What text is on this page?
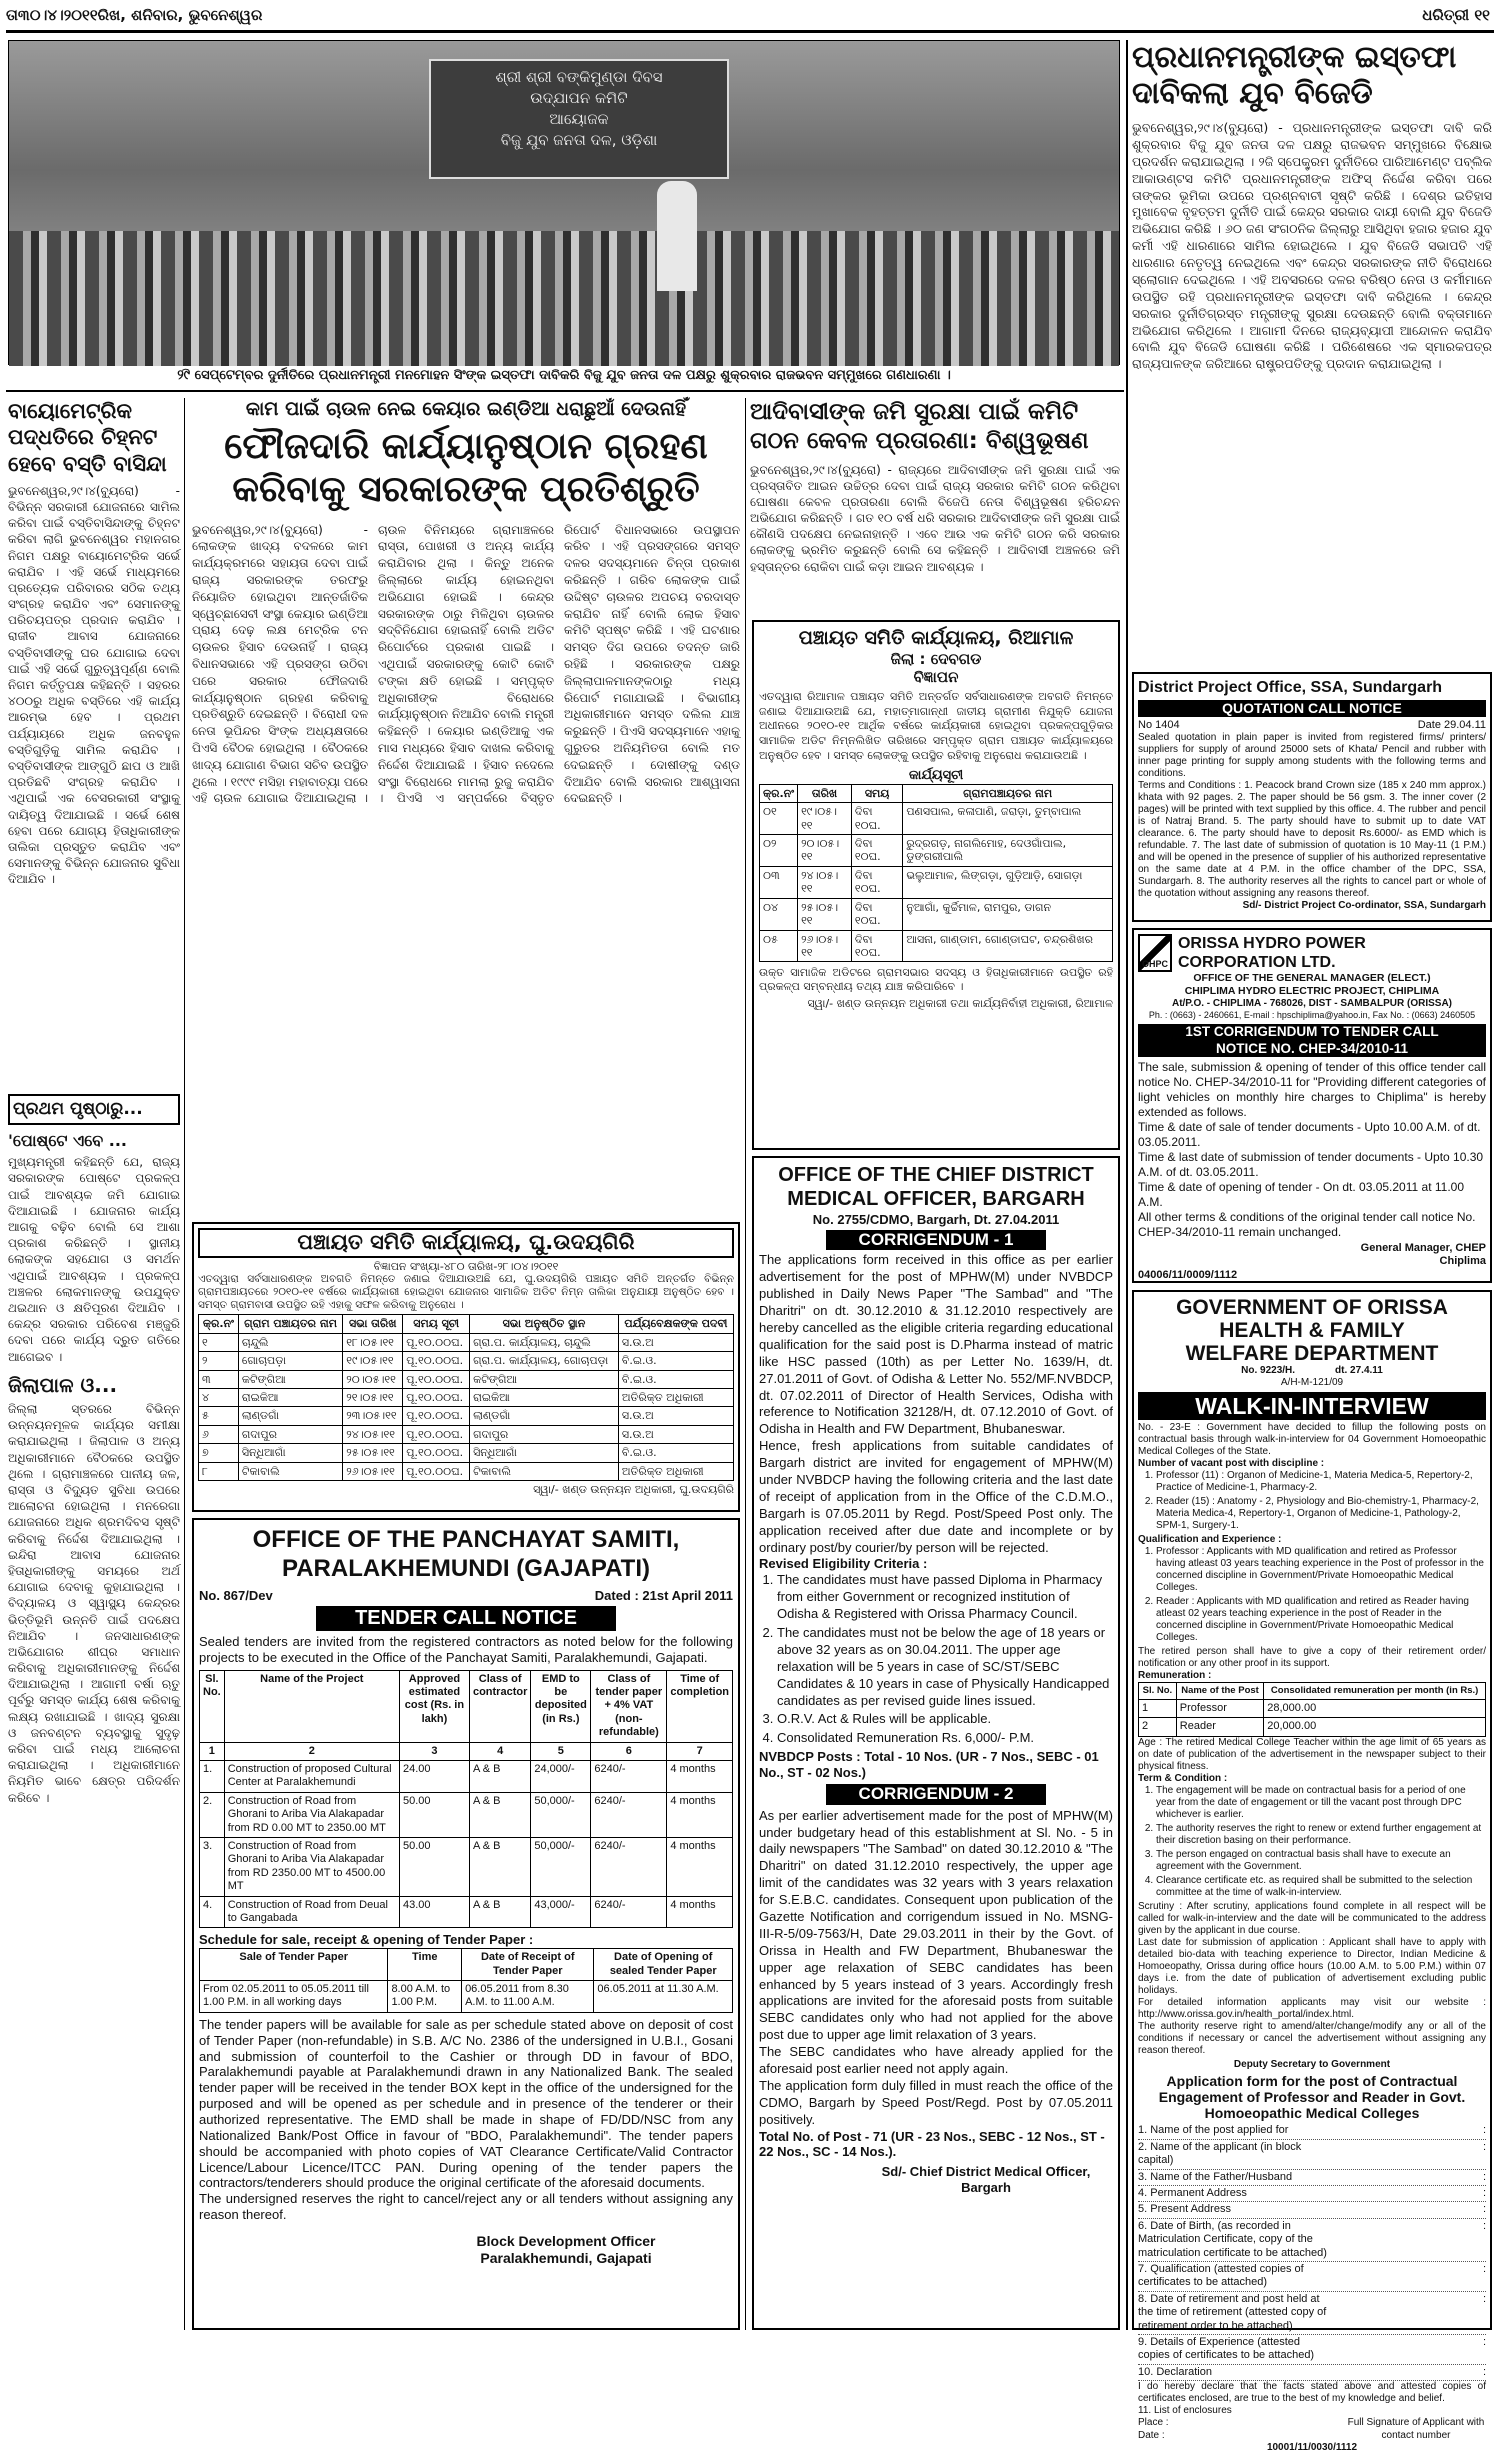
ତା୩୦।୪।୨୦୧୧ରିଖ, ଶନିବାର, ଭୁବନେଶ୍ୱର	ଧରିତ୍ରୀ ୧୧
ଶ୍ରୀ ଶ୍ରୀ ବଙ୍କିମୁଣ୍ଡା ଦିବସ
ଉଦ୍‌ଯାପନ କମିଟି
ଆୟୋଜକ
ବିଜୁ ଯୁବ ଜନତା ଦଳ, ଓଡ଼ିଶା
୨୯ି ସେପ୍ଟେମ୍ବର ଦୁର୍ନୀତିରେ ପ୍ରଧାନମନ୍ତ୍ରୀ ମନମୋହନ ସିଂଙ୍କ ଇସ୍ତଫା ଦାବିକରି ବିଜୁ ଯୁବ ଜନତା ଦଳ ପକ୍ଷରୁ ଶୁକ୍ରବାର ରାଜଭବନ ସମ୍ମୁଖରେ ଗଣଧାରଣା ।
ପ୍ରଧାନମନ୍ତ୍ରୀଙ୍କ ଇସ୍ତଫା ଦାବିକଲା ଯୁବ ବିଜେଡି
ଭୁବନେଶ୍ୱର,୨୯।୪(ବ୍ୟୁରୋ) - ପ୍ରଧାନମନ୍ତ୍ରୀଙ୍କ ଇସ୍ତଫା ଦାବି କରି ଶୁକ୍ରବାର ବିଜୁ ଯୁବ ଜନତା ଦଳ ପକ୍ଷରୁ ରାଜଭବନ ସମ୍ମୁଖରେ ବିକ୍ଷୋଭ ପ୍ରଦର୍ଶନ କରାଯାଇଥିଲା । ୨ଜି ସ୍ପେକ୍ଟ୍ରମ ଦୁର୍ନୀତିରେ ପାରିଆମେଣ୍ଟ ପବ୍ଲିକ ଆକାଉଣ୍ଟସ କମିଟି ପ୍ରଧାନମନ୍ତ୍ରୀଙ୍କ ଅଫିସ୍ ନିର୍ଦ୍ଦେଶ କରିବା ପରେ ତାଙ୍କର ଭୂମିକା ଉପରେ ପ୍ରଶ୍ନବାଚୀ ସୃଷ୍ଟି କରିଛି । ଦେଶ୍ର ଇତିହାସ ମୁଖାବେକ ବୃହତ୍ତମ ଦୁର୍ନୀତି ପାଇଁ କେନ୍ଦ୍ର ସରକାର ଦାୟୀ ବୋଲି ଯୁବ ବିଜେଡି ଅଭିଯୋଗ କରିଛି । ୬୦ ଜଣ ସଂଗଠନିକ ଜିଲ୍ଲାରୁ ଆସିଥିବା ହଜାର ହଜାର ଯୁବ କର୍ମୀ ଏହି ଧାରଣାରେ ସାମିଲ ହୋଇଥିଲେ । ଯୁବ ବିଜେଡି ସଭାପତି ଏହି ଧାରଣାର ନେତୃତ୍ୱ ନେଇଥିଲେ ଏବଂ କେନ୍ଦ୍ର ସରକାରଙ୍କ ନୀତି ବିରୋଧରେ ସ୍ଲୋଗାନ ଦେଇଥିଲେ । ଏହି ଅବସରରେ ଦଳର ବରିଷ୍ଠ ନେତା ଓ କର୍ମୀମାନେ ଉପସ୍ଥିତ ରହି ପ୍ରଧାନମନ୍ତ୍ରୀଙ୍କ ଇସ୍ତଫା ଦାବି କରିଥିଲେ । କେନ୍ଦ୍ର ସରକାର ଦୁର୍ନୀତିଗ୍ରସ୍ତ ମନ୍ତ୍ରୀଙ୍କୁ ସୁରକ୍ଷା ଦେଉଛନ୍ତି ବୋଲି ବକ୍ତାମାନେ ଅଭିଯୋଗ କରିଥିଲେ । ଆଗାମୀ ଦିନରେ ରାଜ୍ୟବ୍ୟାପୀ ଆନ୍ଦୋଳନ କରାଯିବ ବୋଲି ଯୁବ ବିଜେଡି ଘୋଷଣା କରିଛି । ପରିଶେଷରେ ଏକ ସ୍ମାରକପତ୍ର ରାଜ୍ୟପାଳଙ୍କ ଜରିଆରେ ରାଷ୍ଟ୍ରପତିଙ୍କୁ ପ୍ରଦାନ କରାଯାଇଥିଲା ।
ବାୟୋମେଟ୍ରିକ ପଦ୍ଧତିରେ ଚିହ୍ନଟ ହେବେ ବସ୍ତି ବାସିନ୍ଦା
ଭୁବନେଶ୍ୱର,୨୯।୪(ବ୍ୟୁରୋ) - ବିଭିନ୍ନ ସରକାରୀ ଯୋଜନାରେ ସାମିଲ କରିବା ପାଇଁ ବସ୍ତିବାସିନ୍ଦାଙ୍କୁ ଚିହ୍ନଟ କରିବା ଲାଗି ଭୁବନେଶ୍ୱର ମହାନଗର ନିଗମ ପକ୍ଷରୁ ବାୟୋମେଟ୍ରିକ ସର୍ଭେ କରାଯିବ । ଏହି ସର୍ଭେ ମାଧ୍ୟମରେ ପ୍ରତ୍ୟେକ ପରିବାରର ସଠିକ ତଥ୍ୟ ସଂଗ୍ରହ କରାଯିବ ଏବଂ ସେମାନଙ୍କୁ ପରିଚୟପତ୍ର ପ୍ରଦାନ କରାଯିବ । ରାଜୀବ ଆବାସ ଯୋଜନାରେ ବସ୍ତିବାସୀଙ୍କୁ ଘର ଯୋଗାଇ ଦେବା ପାଇଁ ଏହି ସର୍ଭେ ଗୁରୁତ୍ୱପୂର୍ଣ୍ଣ ବୋଲି ନିଗମ କର୍ତ୍ତୃପକ୍ଷ କହିଛନ୍ତି । ସହରର ୪୦୦ରୁ ଅଧିକ ବସ୍ତିରେ ଏହି କାର୍ଯ୍ୟ ଆରମ୍ଭ ହେବ । ପ୍ରଥମ ପର୍ଯ୍ୟାୟରେ ଅଧିକ ଜନବହୁଳ ବସ୍ତିଗୁଡ଼ିକୁ ସାମିଲ କରାଯିବ । ବସ୍ତିବାସୀଙ୍କ ଆଙ୍ଗୁଠି ଛାପ ଓ ଆଖି ପ୍ରତିଛବି ସଂଗ୍ରହ କରାଯିବ । ଏଥିପାଇଁ ଏକ ବେସରକାରୀ ସଂସ୍ଥାକୁ ଦାୟିତ୍ୱ ଦିଆଯାଇଛି । ସର୍ଭେ ଶେଷ ହେବା ପରେ ଯୋଗ୍ୟ ହିତାଧିକାରୀଙ୍କ ତାଲିକା ପ୍ରସ୍ତୁତ କରାଯିବ ଏବଂ ସେମାନଙ୍କୁ ବିଭିନ୍ନ ଯୋଜନାର ସୁବିଧା ଦିଆଯିବ ।
ପ୍ରଥମ ପୃଷ୍ଠାରୁ...
'ପୋଷ୍ଟେ ଏବେ ...
ମୁଖ୍ୟମନ୍ତ୍ରୀ କହିଛନ୍ତି ଯେ, ରାଜ୍ୟ ସରକାରଙ୍କ ପୋଷ୍ଟେ ପ୍ରକଳ୍ପ ପାଇଁ ଆବଶ୍ୟକ ଜମି ଯୋଗାଇ ଦିଆଯାଇଛି । ଯୋଜନାର କାର୍ଯ୍ୟ ଆଗକୁ ବଢ଼ିବ ବୋଲି ସେ ଆଶା ପ୍ରକାଶ କରିଛନ୍ତି । ସ୍ଥାନୀୟ ଲୋକଙ୍କ ସହଯୋଗ ଓ ସମର୍ଥନ ଏଥିପାଇଁ ଆବଶ୍ୟକ । ପ୍ରକଳ୍ପ ଅଞ୍ଚଳର ଲୋକମାନଙ୍କୁ ଉପଯୁକ୍ତ ଥଇଥାନ ଓ କ୍ଷତିପୂରଣ ଦିଆଯିବ । କେନ୍ଦ୍ର ସରକାର ପରିବେଶ ମଞ୍ଜୁରି ଦେବା ପରେ କାର୍ଯ୍ୟ ଦ୍ରୁତ ଗତିରେ ଆଗେଇବ ।
ଜିଲାପାଳ ଓ...
ଜିଲ୍ଲା ସ୍ତରରେ ବିଭିନ୍ନ ଉନ୍ନୟନମୂଳକ କାର୍ଯ୍ୟର ସମୀକ୍ଷା କରାଯାଇଥିଲା । ଜିଲାପାଳ ଓ ଅନ୍ୟ ଅଧିକାରୀମାନେ ବୈଠକରେ ଉପସ୍ଥିତ ଥିଲେ । ଗ୍ରାମାଞ୍ଚଳରେ ପାନୀୟ ଜଳ, ରାସ୍ତା ଓ ବିଦ୍ୟୁତ ସୁବିଧା ଉପରେ ଆଲୋଚନା ହୋଇଥିଲା । ମନରେଗା ଯୋଜନାରେ ଅଧିକ ଶ୍ରମଦିବସ ସୃଷ୍ଟି କରିବାକୁ ନିର୍ଦ୍ଦେଶ ଦିଆଯାଇଥିଲା । ଇନ୍ଦିରା ଆବାସ ଯୋଜନାର ହିତାଧିକାରୀଙ୍କୁ ସମୟରେ ଅର୍ଥ ଯୋଗାଇ ଦେବାକୁ କୁହାଯାଇଥିଲା । ବିଦ୍ୟାଳୟ ଓ ସ୍ୱାସ୍ଥ୍ୟ କେନ୍ଦ୍ରର ଭିତ୍ତିଭୂମି ଉନ୍ନତି ପାଇଁ ପଦକ୍ଷେପ ନିଆଯିବ । ଜନସାଧାରଣଙ୍କ ଅଭିଯୋଗର ଶୀଘ୍ର ସମାଧାନ କରିବାକୁ ଅଧିକାରୀମାନଙ୍କୁ ନିର୍ଦ୍ଦେଶ ଦିଆଯାଇଥିଲା । ଆଗାମୀ ବର୍ଷା ଋତୁ ପୂର୍ବରୁ ସମସ୍ତ କାର୍ଯ୍ୟ ଶେଷ କରିବାକୁ ଲକ୍ଷ୍ୟ ରଖାଯାଇଛି । ଖାଦ୍ୟ ସୁରକ୍ଷା ଓ ଜନବଣ୍ଟନ ବ୍ୟବସ୍ଥାକୁ ସୁଦୃଢ଼ କରିବା ପାଇଁ ମଧ୍ୟ ଆଲୋଚନା କରାଯାଇଥିଲା । ଅଧିକାରୀମାନେ ନିୟମିତ ଭାବେ କ୍ଷେତ୍ର ପରିଦର୍ଶନ କରିବେ ।
କାମ ପାଇଁ ଚାଉଳ ନେଇ କେୟାର ଇଣ୍ଡିଆ ଧରାଛୁଆଁ ଦେଉନାହିଁ
ଫୌଜଦାରି କାର୍ଯ୍ୟାନୁଷ୍ଠାନ ଗ୍ରହଣ କରିବାକୁ ସରକାରଙ୍କ ପ୍ରତିଶ୍ରୁତି
ଭୁବନେଶ୍ୱର,୨୯।୪(ବ୍ୟୁରୋ) - ଲୋକଙ୍କ ଖାଦ୍ୟ ବଦଳରେ କାମ କାର୍ଯ୍ୟକ୍ରମରେ ସହାୟତା ଦେବା ପାଇଁ ରାଜ୍ୟ ସରକାରଙ୍କ ତରଫରୁ ନିୟୋଜିତ ହୋଇଥିବା ଆନ୍ତର୍ଜାତିକ ସ୍ୱେଚ୍ଛାସେବୀ ସଂସ୍ଥା କେୟାର ଇଣ୍ଡିଆ ପ୍ରାୟ ଦେଢ଼ ଲକ୍ଷ ମେଟ୍ରିକ ଟନ ଚାଉଳର ହିସାବ ଦେଉନାହିଁ । ରାଜ୍ୟ ବିଧାନସଭାରେ ଏହି ପ୍ରସଙ୍ଗ ଉଠିବା ପରେ ସରକାର ଫୌଜଦାରି କାର୍ଯ୍ୟାନୁଷ୍ଠାନ ଗ୍ରହଣ କରିବାକୁ ପ୍ରତିଶ୍ରୁତି ଦେଇଛନ୍ତି । ବିରୋଧୀ ଦଳ ନେତା ଭୂପିନ୍ଦର ସିଂଙ୍କ ଅଧ୍ୟକ୍ଷତାରେ ପିଏସି ବୈଠକ ହୋଇଥିଲା । ବୈଠକରେ ଖାଦ୍ୟ ଯୋଗାଣ ବିଭାଗ ସଚିବ ଉପସ୍ଥିତ ଥିଲେ । ୧୯୯୯ ମସିହା ମହାବାତ୍ୟା ପରେ ଏହି ଚାଉଳ ଯୋଗାଇ ଦିଆଯାଇଥିଲା । ଚାଉଳ ବିନିମୟରେ ଗ୍ରାମାଞ୍ଚଳରେ ରାସ୍ତା, ପୋଖରୀ ଓ ଅନ୍ୟ କାର୍ଯ୍ୟ କରାଯିବାର ଥିଲା । କିନ୍ତୁ ଅନେକ ଜିଲ୍ଲାରେ କାର୍ଯ୍ୟ ହୋଇନଥିବା ଅଭିଯୋଗ ହୋଇଛି । କେନ୍ଦ୍ର ସରକାରଙ୍କ ଠାରୁ ମିଳିଥିବା ଚାଉଳର ସଦ୍‌ବିନିଯୋଗ ହୋଇନାହିଁ ବୋଲି ଅଡିଟ ରିପୋର୍ଟରେ ପ୍ରକାଶ ପାଇଛି । ଏଥିପାଇଁ ସରକାରଙ୍କୁ କୋଟି କୋଟି ଟଙ୍କା କ୍ଷତି ହୋଇଛି । ସମ୍ପୃକ୍ତ ଅଧିକାରୀଙ୍କ ବିରୋଧରେ କାର୍ଯ୍ୟାନୁଷ୍ଠାନ ନିଆଯିବ ବୋଲି ମନ୍ତ୍ରୀ କହିଛନ୍ତି । କେୟାର ଇଣ୍ଡିଆକୁ ଏକ ମାସ ମଧ୍ୟରେ ହିସାବ ଦାଖଲ କରିବାକୁ ନିର୍ଦ୍ଦେଶ ଦିଆଯାଇଛି । ହିସାବ ନଦେଲେ ସଂସ୍ଥା ବିରୋଧରେ ମାମଲା ରୁଜୁ କରାଯିବ । ପିଏସି ଏ ସମ୍ପର୍କରେ ବିସ୍ତୃତ ରିପୋର୍ଟ ବିଧାନସଭାରେ ଉପସ୍ଥାପନ କରିବ । ଏହି ପ୍ରସଙ୍ଗରେ ସମସ୍ତ ଦଳର ସଦସ୍ୟମାନେ ଚିନ୍ତା ପ୍ରକାଶ କରିଛନ୍ତି । ଗରିବ ଲୋକଙ୍କ ପାଇଁ ଉଦ୍ଦିଷ୍ଟ ଚାଉଳର ଅପଚୟ ବରଦାସ୍ତ କରାଯିବ ନାହିଁ ବୋଲି ଲୋକ ହିସାବ କମିଟି ସ୍ପଷ୍ଟ କରିଛି । ଏହି ଘଟଣାର ସମସ୍ତ ଦିଗ ଉପରେ ତଦନ୍ତ ଜାରି ରହିଛି । ସରକାରଙ୍କ ପକ୍ଷରୁ ଜିଲ୍ଲାପାଳମାନଙ୍କଠାରୁ ମଧ୍ୟ ରିପୋର୍ଟ ମଗାଯାଇଛି । ବିଭାଗୀୟ ଅଧିକାରୀମାନେ ସମସ୍ତ ଦଲିଲ ଯାଞ୍ଚ କରୁଛନ୍ତି । ପିଏସି ସଦସ୍ୟମାନେ ଏହାକୁ ଗୁରୁତର ଅନିୟମିତତା ବୋଲି ମତ ଦେଇଛନ୍ତି । ଦୋଷୀଙ୍କୁ ଦଣ୍ଡ ଦିଆଯିବ ବୋଲି ସରକାର ଆଶ୍ୱାସନା ଦେଇଛନ୍ତି ।
ପଞ୍ଚାୟତ ସମିତି କାର୍ଯ୍ୟାଳୟ, ଘୁ.ଉଦୟଗିରି
ବିଜ୍ଞାପନ ସଂଖ୍ୟା-୪୮୦ ତାରିଖ-୨୮।୦୪।୨୦୧୧
ଏତଦ୍ୱାରା ସର୍ବସାଧାରଣଙ୍କ ଅବଗତି ନିମନ୍ତେ ଜଣାଇ ଦିଆଯାଉଅଛି ଯେ, ଘୁ.ଉଦୟଗିରି ପଞ୍ଚାୟତ ସମିତି ଅନ୍ତର୍ଗତ ବିଭିନ୍ନ ଗ୍ରାମପଞ୍ଚାୟତରେ ୨୦୧୦-୧୧ ବର୍ଷରେ କାର୍ଯ୍ୟକାରୀ ହୋଇଥିବା ଯୋଜନାର ସାମାଜିକ ଅଡିଟ ନିମ୍ନ ତାଲିକା ଅନୁଯାୟୀ ଅନୁଷ୍ଠିତ ହେବ । ସମସ୍ତ ଗ୍ରାମବାସୀ ଉପସ୍ଥିତ ରହି ଏହାକୁ ସଫଳ କରିବାକୁ ଅନୁରୋଧ ।
କ୍ର.ନଂ	ଗ୍ରାମ ପଞ୍ଚାୟତର ନାମ	ସଭା ତାରିଖ	ସମୟ ସୂଚୀ	ସଭା ଅନୁଷ୍ଠିତ ସ୍ଥାନ	ପର୍ଯ୍ୟବେକ୍ଷକଙ୍କ ପଦବୀ
୧	ଚାନ୍ଦୁଲି	୧୮।୦୫।୧୧	ପୂ.୧୦.୦୦ଘ.	ଗ୍ରା.ପ. କାର୍ଯ୍ୟାଳୟ, ଚାନ୍ଦୁଲି	ସ.ଉ.ଅ
୨	ଗୋଚାପଡ଼ା	୧୯।୦୫।୧୧	ପୂ.୧୦.୦୦ଘ.	ଗ୍ରା.ପ. କାର୍ଯ୍ୟାଳୟ, ଗୋଚାପଡ଼ା	ବି.ଇ.ଓ.
୩	କଟିଙ୍ଗିଆ	୨୦।୦୫।୧୧	ପୂ.୧୦.୦୦ଘ.	କଟିଙ୍ଗିଆ	ବି.ଇ.ଓ.
୪	ରାଇକିଆ	୨୧।୦୫।୧୧	ପୂ.୧୦.୦୦ଘ.	ରାଇକିଆ	ଅତିରିକ୍ତ ଅଧିକାରୀ
୫	ଲାଣ୍ଡଗାଁ	୨୩।୦୫।୧୧	ପୂ.୧୦.୦୦ଘ.	ଲାଣ୍ଡଗାଁ	ସ.ଉ.ଅ
୬	ଗଦାପୁର	୨୪।୦୫।୧୧	ପୂ.୧୦.୦୦ଘ.	ଗଦାପୁର	ସ.ଉ.ଅ
୭	ସିନ୍ଧିଆଗାଁ	୨୫।୦୫।୧୧	ପୂ.୧୦.୦୦ଘ.	ସିନ୍ଧିଆଗାଁ	ବି.ଇ.ଓ.
୮	ଟିକାବାଲି	୨୬।୦୫।୧୧	ପୂ.୧୦.୦୦ଘ.	ଟିକାବାଲି	ଅତିରିକ୍ତ ଅଧିକାରୀ
ସ୍ୱା/- ଖଣ୍ଡ ଉନ୍ନୟନ ଅଧିକାରୀ, ଘୁ.ଉଦୟଗିରି
OFFICE OF THE PANCHAYAT SAMITI,
PARALAKHEMUNDI (GAJAPATI)
No. 867/Dev	Dated : 21st April 2011
TENDER CALL NOTICE
Sealed tenders are invited from the registered contractors as noted below for the following projects to be executed in the Office of the Panchayat Samiti, Paralakhemundi, Gajapati.
Sl. No.	Name of the Project	Approved estimated cost (Rs. in lakh)	Class of contractor	EMD to be deposited (in Rs.)	Class of tender paper + 4% VAT (non-refundable)	Time of completion
1	2	3	4	5	6	7
1.	Construction of proposed Cultural Center at Paralakhemundi	24.00	A & B	24,000/-	6240/-	4 months
2.	Construction of Road from Ghorani to Ariba Via Alakapadar from RD 0.00 MT to 2350.00 MT	50.00	A & B	50,000/-	6240/-	4 months
3.	Construction of Road from Ghorani to Ariba Via Alakapadar from RD 2350.00 MT to 4500.00 MT	50.00	A & B	50,000/-	6240/-	4 months
4.	Construction of Road from Deual to Gangabada	43.00	A & B	43,000/-	6240/-	4 months
Schedule for sale, receipt & opening of Tender Paper :
Sale of Tender Paper	Time	Date of Receipt of Tender Paper	Date of Opening of sealed Tender Paper
From 02.05.2011 to 05.05.2011 till 1.00 P.M. in all working days	8.00 A.M. to 1.00 P.M.	06.05.2011 from 8.30 A.M. to 11.00 A.M.	06.05.2011 at 11.30 A.M.
The tender papers will be available for sale as per schedule stated above on deposit of cost of Tender Paper (non-refundable) in S.B. A/C No. 2386 of the undersigned in U.B.I., Gosani and submission of counterfoil to the Cashier or through DD in favour of BDO, Paralakhemundi payable at Paralakhemundi drawn in any Nationalized Bank. The sealed tender paper will be received in the tender BOX kept in the office of the undersigned for the purposed and will be opened as per schedule and in presence of the tenderer or their authorized representative. The EMD shall be made in shape of FD/DD/NSC from any Nationalized Bank/Post Office in favour of "BDO, Paralakhemundi". The tender papers should be accompanied with photo copies of VAT Clearance Certificate/Valid Contractor Licence/Labour Licence/ITCC PAN. During opening of the tender papers the contractors/tenderers should produce the original certificate of the aforesaid documents.
The undersigned reserves the right to cancel/reject any or all tenders without assigning any reason thereof.
Block Development Officer
Paralakhemundi, Gajapati
ଆଦିବାସୀଙ୍କ ଜମି ସୁରକ୍ଷା ପାଇଁ କମିଟି ଗଠନ କେବଳ ପ୍ରତାରଣା: ବିଶ୍ୱଭୂଷଣ
ଭୁବନେଶ୍ୱର,୨୯।୪(ବ୍ୟୁରୋ) - ରାଜ୍ୟରେ ଆଦିବାସୀଙ୍କ ଜମି ସୁରକ୍ଷା ପାଇଁ ଏକ ପ୍ରସ୍ତାବିତ ଆଇନ ଉଚ୍ଚିତ୍ର ଦେବା ପାଇଁ ରାଜ୍ୟ ସରକାର କମିଟି ଗଠନ କରିଥିବା ଘୋଷଣା କେବଳ ପ୍ରତାରଣା ବୋଲି ବିଜେପି ନେତା ବିଶ୍ୱଭୂଷଣ ହରିଚନ୍ଦନ ଅଭିଯୋଗ କରିଛନ୍ତି । ଗତ ୧୦ ବର୍ଷ ଧରି ସରକାର ଆଦିବାସୀଙ୍କ ଜମି ସୁରକ୍ଷା ପାଇଁ କୌଣସି ପଦକ୍ଷେପ ନେଇନାହାନ୍ତି । ଏବେ ଆଉ ଏକ କମିଟି ଗଠନ କରି ସରକାର ଲୋକଙ୍କୁ ଭ୍ରମିତ କରୁଛନ୍ତି ବୋଲି ସେ କହିଛନ୍ତି । ଆଦିବାସୀ ଅଞ୍ଚଳରେ ଜମି ହସ୍ତାନ୍ତର ରୋକିବା ପାଇଁ କଡ଼ା ଆଇନ ଆବଶ୍ୟକ ।
ପଞ୍ଚାୟତ ସମିତି କାର୍ଯ୍ୟାଳୟ, ରିଆମାଳ
ଜିଲା : ଦେବଗଡ
ବିଜ୍ଞାପନ
ଏତଦ୍ୱାରା ରିଆମାଳ ପଞ୍ଚାୟତ ସମିତି ଅନ୍ତର୍ଗତ ସର୍ବସାଧାରଣଙ୍କ ଅବଗତି ନିମନ୍ତେ ଜଣାଇ ଦିଆଯାଉଅଛି ଯେ, ମହାତ୍ମାଗାନ୍ଧୀ ଜାତୀୟ ଗ୍ରାମୀଣ ନିଯୁକ୍ତି ଯୋଜନା ଅଧୀନରେ ୨୦୧୦-୧୧ ଆର୍ଥିକ ବର୍ଷରେ କାର୍ଯ୍ୟକାରୀ ହୋଇଥିବା ପ୍ରକଳ୍ପଗୁଡ଼ିକର ସାମାଜିକ ଅଡିଟ ନିମ୍ନଲିଖିତ ତାରିଖରେ ସମ୍ପୃକ୍ତ ଗ୍ରାମ ପଞ୍ଚାୟତ କାର୍ଯ୍ୟାଳୟରେ ଅନୁଷ୍ଠିତ ହେବ । ସମସ୍ତ ଲୋକଙ୍କୁ ଉପସ୍ଥିତ ରହିବାକୁ ଅନୁରୋଧ କରାଯାଉଅଛି ।
କାର୍ଯ୍ୟସୂଚୀ
କ୍ର.ନଂ	ତାରିଖ	ସମୟ	ଗ୍ରାମପଞ୍ଚାୟତର ନାମ
୦୧	୧୯।୦୫।୧୧	ଦିବା ୧୦ଘ.	ପଣସପାଲ, କଳାପାଣି, ଜରାଡ଼ା, ତୁମ୍ବାପାଲ
୦୨	୨୦।୦୫।୧୧	ଦିବା ୧୦ଘ.	ରୁଦ୍ରଗଡ଼, ନାଗଲିମୋହ, ଦେଓଗାଁପାଲ, ଡୁଙ୍ଗରୀପାଲି
୦୩	୨୪।୦୫।୧୧	ଦିବା ୧୦ଘ.	ଭଲୁଆମାଳ, ଲିଙ୍ଗଡ଼ା, ଗୁଡ଼ିଆଡ଼ି, ସୋଗଡ଼ା
୦୪	୨୫।୦୫।୧୧	ଦିବା ୧୦ଘ.	ନୁଆଗାଁ, କୁର୍ଚ୍ଚିମାଳ, ରାମପୁର, ଡାଗନ
୦୫	୨୬।୦୫।୧୧	ଦିବା ୧୦ଘ.	ଆସନା, ଗାଣ୍ଡାମ, ଗୋଣ୍ଡାଘଟ, ଚନ୍ଦ୍ରଶିଖର
ଉକ୍ତ ସାମାଜିକ ଅଡିଟରେ ଗ୍ରାମସଭାର ସଦସ୍ୟ ଓ ହିତାଧିକାରୀମାନେ ଉପସ୍ଥିତ ରହି ପ୍ରକଳ୍ପ ସମ୍ବନ୍ଧୀୟ ତଥ୍ୟ ଯାଞ୍ଚ କରିପାରିବେ ।
ସ୍ୱା/- ଖଣ୍ଡ ଉନ୍ନୟନ ଅଧିକାରୀ ତଥା କାର୍ଯ୍ୟନିର୍ବାହୀ ଅଧିକାରୀ, ରିଆମାଳ
OFFICE OF THE CHIEF DISTRICT
MEDICAL OFFICER, BARGARH
No. 2755/CDMO, Bargarh, Dt. 27.04.2011
CORRIGENDUM - 1
The applications form received in this office as per earlier advertisement for the post of MPHW(M) under NVBDCP published in Daily News Paper "The Sambad" and "The Dharitri" on dt. 30.12.2010 & 31.12.2010 respectively are hereby cancelled as the eligible criteria regarding educational qualification for the said post is D.Pharma instead of matric like HSC passed (10th) as per Letter No. 1639/H, dt. 27.01.2011 of Govt. of Odisha & Letter No. 552/MF.NVBDCP, dt. 07.02.2011 of Director of Health Services, Odisha with reference to Notification 32128/H, dt. 07.12.2010 of Govt. of Odisha in Health and FW Department, Bhubaneswar.
Hence, fresh applications from suitable candidates of Bargarh district are invited for engagement of MPHW(M) under NVBDCP having the following criteria and the last date of receipt of application from in the Office of the C.D.M.O., Bargarh is 07.05.2011 by Regd. Post/Speed Post only. The application received after due date and incomplete or by ordinary post/by courier/by person will be rejected.
Revised Eligibility Criteria :
1. The candidates must have passed Diploma in Pharmacy from either Government or recognized institution of Odisha & Registered with Orissa Pharmacy Council.
2. The candidates must not be below the age of 18 years or above 32 years as on 30.04.2011. The upper age relaxation will be 5 years in case of SC/ST/SEBC Candidates & 10 years in case of Physically Handicapped candidates as per revised guide lines issued.
3. O.R.V. Act & Rules will be applicable.
4. Consolidated Remuneration Rs. 6,000/- P.M.
NVBDCP Posts : Total - 10 Nos. (UR - 7 Nos., SEBC - 01 No., ST - 02 Nos.)
CORRIGENDUM - 2
As per earlier advertisement made for the post of MPHW(M) under budgetary head of this establishment at Sl. No. - 5 in daily newspapers "The Sambad" on dated 30.12.2010 & "The Dharitri" on dated 31.12.2010 respectively, the upper age limit of the candidates was 32 years with 3 years relaxation for S.E.B.C. candidates. Consequent upon publication of the Gazette Notification and corrigendum issued in No. MSNG-III-R-5/09-7563/H, Date 29.03.2011 in their by the Govt. of Orissa in Health and FW Department, Bhubaneswar the upper age relaxation of SEBC candidates has been enhanced by 5 years instead of 3 years. Accordingly fresh applications are invited for the aforesaid posts from suitable SEBC candidates only who had not applied for the above post due to upper age limit relaxation of 3 years.
The SEBC candidates who have already applied for the aforesaid post earlier need not apply again.
The application form duly filled in must reach the office of the CDMO, Bargarh by Speed Post/Regd. Post by 07.05.2011 positively.
Total No. of Post - 71 (UR - 23 Nos., SEBC - 12 Nos., ST - 22 Nos., SC - 14 Nos.).
Sd/- Chief District Medical Officer,
Bargarh
District Project Office, SSA, Sundargarh
QUOTATION CALL NOTICE
No 1404	Date 29.04.11
Sealed quotation in plain paper is invited from registered firms/ printers/ suppliers for supply of around 25000 sets of Khata/ Pencil and rubber with inner page printing for supply among students with the following terms and conditions.
Terms and Conditions : 1. Peacock brand Crown size (185 x 240 mm approx.) khata with 92 pages. 2. The paper should be 56 gsm. 3. The inner cover (2 pages) will be printed with text supplied by this office. 4. The rubber and pencil is of Natraj Brand. 5. The party should have to submit up to date VAT clearance. 6. The party should have to deposit Rs.6000/- as EMD which is refundable. 7. The last date of submission of quotation is 10 May-11 (1 P.M.) and will be opened in the presence of supplier of his authorized representative on the same date at 4 P.M. in the office chamber of the DPC, SSA, Sundargarh. 8. The authority reserves all the rights to cancel part or whole of the quotation without assigning any reasons thereof.
Sd/- District Project Co-ordinator, SSA, Sundargarh
OHPC
ORISSA HYDRO POWER CORPORATION LTD.
OFFICE OF THE GENERAL MANAGER (ELECT.)
CHIPLIMA HYDRO ELECTRIC PROJECT, CHIPLIMA
At/P.O. - CHIPLIMA - 768026, DIST - SAMBALPUR (ORISSA)
Ph. : (0663) - 2460661, E-mail : hpschiplima@yahoo.in, Fax No. : (0663) 2460505
1ST CORRIGENDUM TO TENDER CALL
NOTICE NO. CHEP-34/2010-11
The sale, submission & opening of tender of this office tender call notice No. CHEP-34/2010-11 for "Providing different categories of light vehicles on monthly hire charges to Chiplima" is hereby extended as follows.
Time & date of sale of tender documents - Upto 10.00 A.M. of dt. 03.05.2011.
Time & last date of submission of tender documents - Upto 10.30 A.M. of dt. 03.05.2011.
Time & date of opening of tender - On dt. 03.05.2011 at 11.00 A.M.
All other terms & conditions of the original tender call notice No. CHEP-34/2010-11 remain unchanged.
General Manager, CHEP
Chiplima
04006/11/0009/1112
GOVERNMENT OF ORISSA
HEALTH & FAMILY
WELFARE DEPARTMENT
No. 9223/H.	dt. 27.4.11
A/H-M-121/09
WALK-IN-INTERVIEW
No. - 23-E : Government have decided to fillup the following posts on contractual basis through walk-in-interview for 04 Government Homoeopathic Medical Colleges of the State.
Number of vacant post with discipline :
1. Professor (11) : Organon of Medicine-1, Materia Medica-5, Repertory-2, Practice of Medicine-1, Pharmacy-2.
2. Reader (15) : Anatomy - 2, Physiology and Bio-chemistry-1, Pharmacy-2, Materia Medica-4, Repertory-1, Organon of Medicine-1, Pathology-2, SPM-1, Surgery-1.
Qualification and Experience :
1. Professor : Applicants with MD qualification and retired as Professor having atleast 03 years teaching experience in the Post of professor in the concerned discipline in Government/Private Homoeopathic Medical Colleges.
2. Reader : Applicants with MD qualification and retired as Reader having atleast 02 years teaching experience in the post of Reader in the concerned discipline in Government/Private Homoeopathic Medical Colleges.
The retired person shall have to give a copy of their retirement order/ notification or any other proof in its support.
Remuneration :
Sl. No.	Name of the Post	Consolidated remuneration per month (in Rs.)
1	Professor	28,000.00
2	Reader	20,000.00
Age : The retired Medical College Teacher within the age limit of 65 years as on date of publication of the advertisement in the newspaper subject to their physical fitness.
Term & Condition :
1. The engagement will be made on contractual basis for a period of one year from the date of engagement or till the vacant post through DPC whichever is earlier.
2. The authority reserves the right to renew or extend further engagement at their discretion basing on their performance.
3. The person engaged on contractual basis shall have to execute an agreement with the Government.
4. Clearance certificate etc. as required shall be submitted to the selection committee at the time of walk-in-interview.
Scrutiny : After scrutiny, applications found complete in all respect will be called for walk-in-interview and the date will be communicated to the address given by the applicant in due course.
Last date for submission of application : Applicant shall have to apply with detailed bio-data with teaching experience to Director, Indian Medicine & Homoeopathy, Orissa during office hours (10.00 A.M. to 5.00 P.M.) within 07 days i.e. from the date of publication of advertisement excluding public holidays.
For detailed information applicants may visit our website : http://www.orissa.gov.in/health_portal/index.html.
The authority reserve right to amend/alter/change/modify any or all of the conditions if necessary or cancel the advertisement without assigning any reason thereof.
Deputy Secretary to Government
Application form for the post of Contractual Engagement of Professor and Reader in Govt. Homoeopathic Medical Colleges
1. Name of the post applied for	:
2. Name of the applicant (in block capital)
:
3. Name of the Father/Husband	:
4. Permanent Address	:
5. Present Address	:
6. Date of Birth, (as recorded in Matriculation Certificate, copy of the matriculation certificate to be attached)
:
7. Qualification (attested copies of certificates to be attached)
:
8. Date of retirement and post held at the time of retirement (attested copy of retirement order to be attached)
:
9. Details of Experience (attested copies of certificates to be attached)
:
10. Declaration	:
I do hereby declare that the facts stated above and attested copies of certificates enclosed, are true to the best of my knowledge and belief.
11. List of enclosures
Place :
Date :
Full Signature of Applicant with contact number
10001/11/0030/1112
